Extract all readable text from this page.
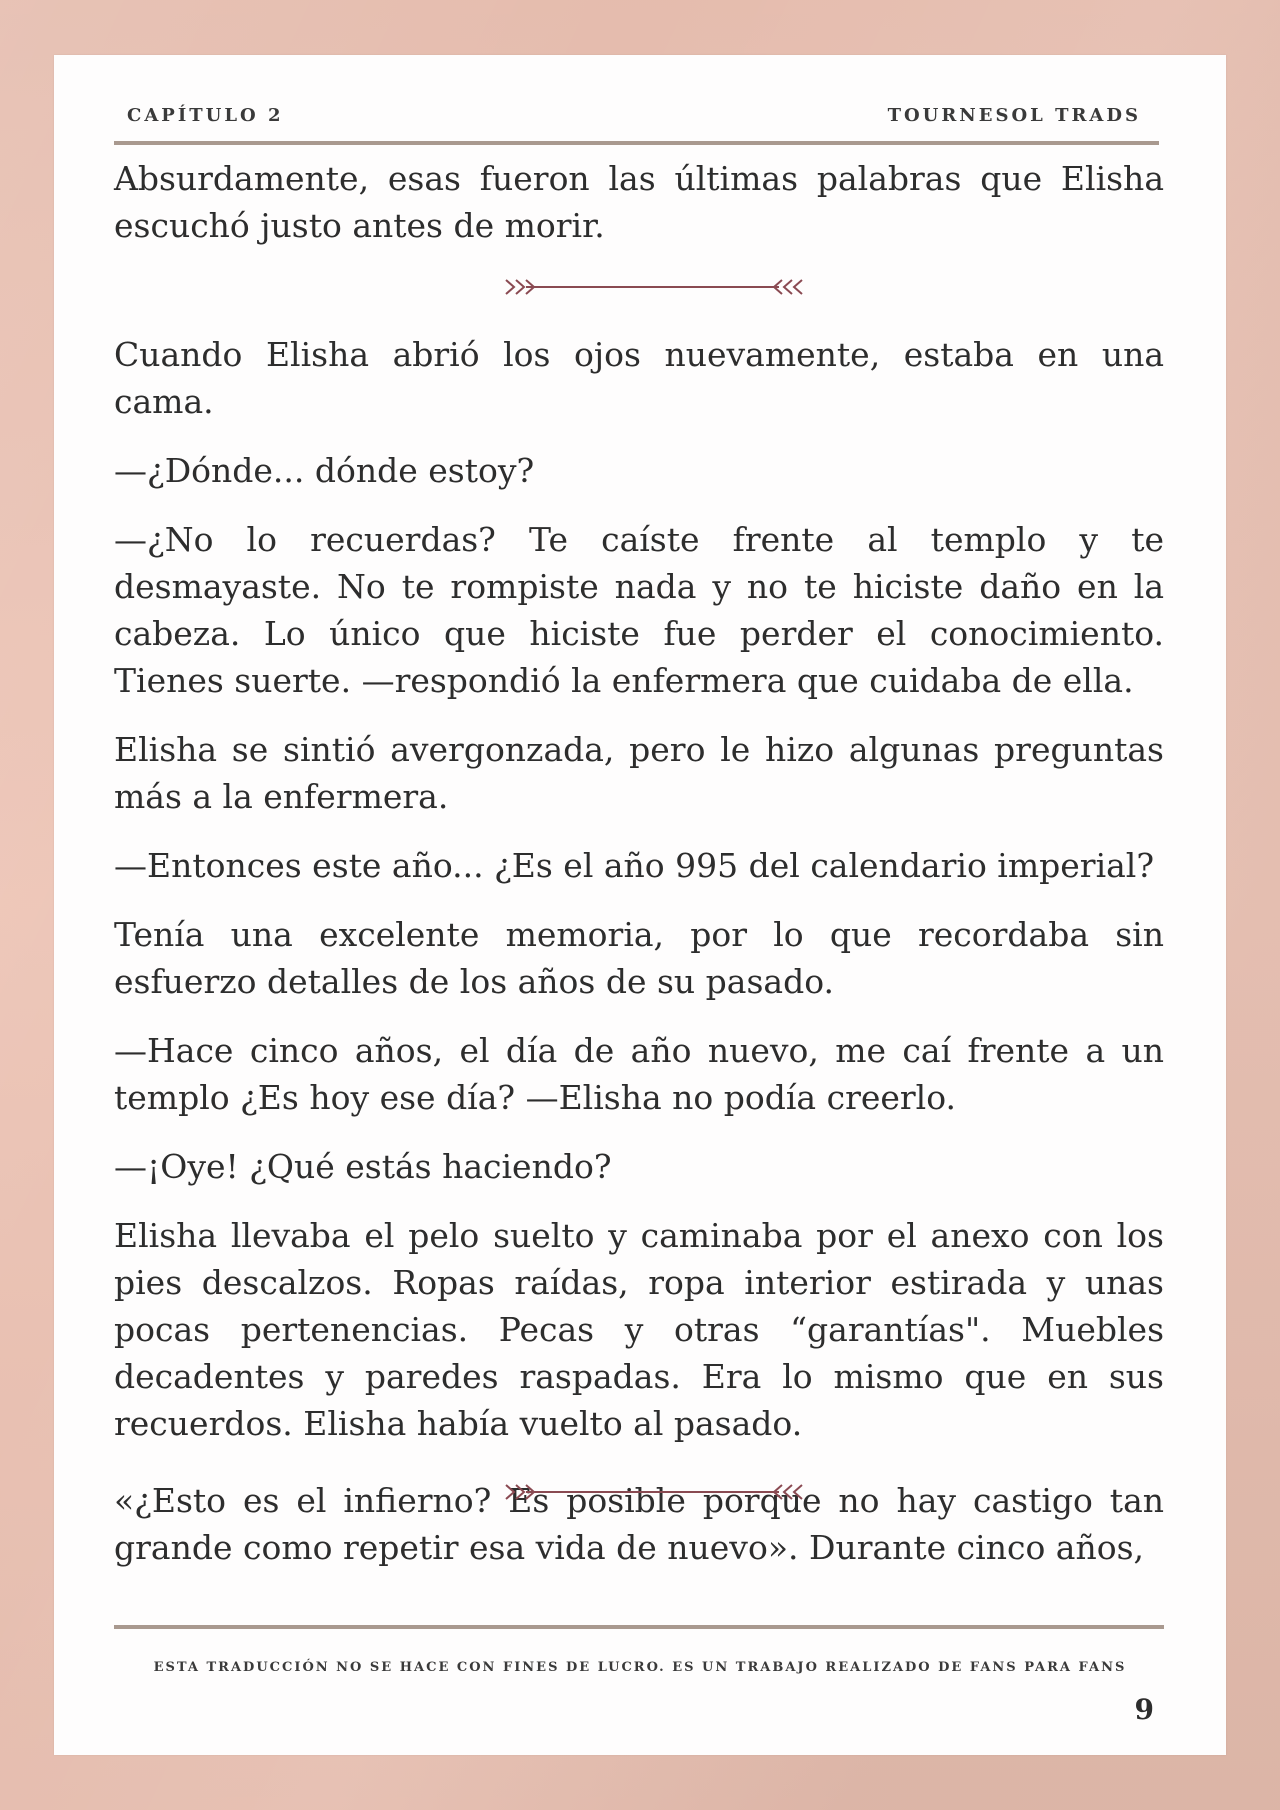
CAPÍTULO 2	TOURNESOL TRADS

Absurdamente, esas fueron las últimas palabras que Elisha escuchó justo antes de morir.

Cuando Elisha abrió los ojos nuevamente, estaba en una cama.

—¿Dónde... dónde estoy?

—¿No lo recuerdas? Te caíste frente al templo y te desmayaste. No te rompiste nada y no te hiciste daño en la cabeza. Lo único que hiciste fue perder el conocimiento. Tienes suerte. —respondió la enfermera que cuidaba de ella.

Elisha se sintió avergonzada, pero le hizo algunas preguntas más a la enfermera.

—Entonces este año... ¿Es el año 995 del calendario imperial?

Tenía una excelente memoria, por lo que recordaba sin esfuerzo detalles de los años de su pasado.

—Hace cinco años, el día de año nuevo, me caí frente a un templo ¿Es hoy ese día? —Elisha no podía creerlo.

—¡Oye! ¿Qué estás haciendo?

Elisha llevaba el pelo suelto y caminaba por el anexo con los pies descalzos. Ropas raídas, ropa interior estirada y unas pocas pertenencias. Pecas y otras “garantías". Muebles decadentes y paredes raspadas. Era lo mismo que en sus recuerdos. Elisha había vuelto al pasado.

«¿Esto es el infierno? Es posible porque no hay castigo tan grande como repetir esa vida de nuevo». Durante cinco años,

ESTA TRADUCCIÓN NO SE HACE CON FINES DE LUCRO. ES UN TRABAJO REALIZADO DE FANS PARA FANS
9
